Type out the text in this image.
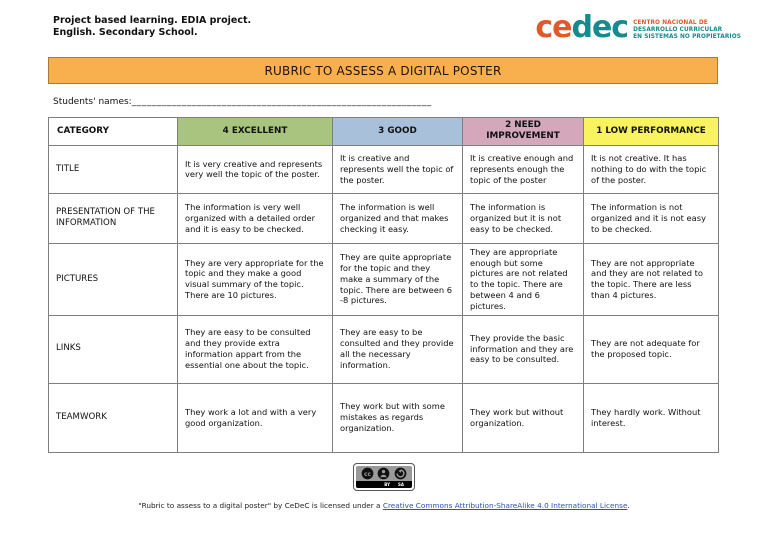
Project based learning. EDIA project.
English. Secondary School.	cedec CENTRO NACIONAL DE
DESARROLLO CURRICULAR
EN SISTEMAS NO PROPIETARIOS
RUBRIC TO ASSESS A DIGITAL POSTER
Students' names:____________________________________________________________
CATEGORY	4 EXCELLENT	3 GOOD	2 NEED IMPROVEMENT	1 LOW PERFORMANCE
TITLE	It is very creative and represents very well the topic of the poster.	It is creative and represents well the topic of the poster.	It is creative enough and represents enough the topic of the poster	It is not creative. It has nothing to do with the topic of the poster.
PRESENTATION OF THE INFORMATION	The information is very well organized with a detailed order and it is easy to be checked.	The information is well organized and that makes checking it easy.	The information is organized but it is not easy to be checked.	The information is not organized and it is not easy to be checked.
PICTURES	They are very appropriate for the topic and they make a good visual summary of the topic. There are 10 pictures.	They are quite appropriate for the topic and they make a summary of the topic. There are between 6 -8 pictures.	They are appropriate enough but some pictures are not related to the topic. There are between 4 and 6 pictures.	They are not appropriate and they are not related to the topic. There are less than 4 pictures.
LINKS	They are easy to be consulted and they provide extra information appart from the essential one about the topic.	They are easy to be consulted and they provide all the necessary information.	They provide the basic information and they are easy to be consulted.	They are not adequate for the proposed topic.
TEAMWORK	They work a lot and with a very good organization.	They work but with some mistakes as regards organization.	They work but without organization.	They hardly work. Without interest.
cc
BY SA
"Rubric to assess to a digital poster" by CeDeC is licensed under a Creative Commons Attribution-ShareAlike 4.0 International License.
